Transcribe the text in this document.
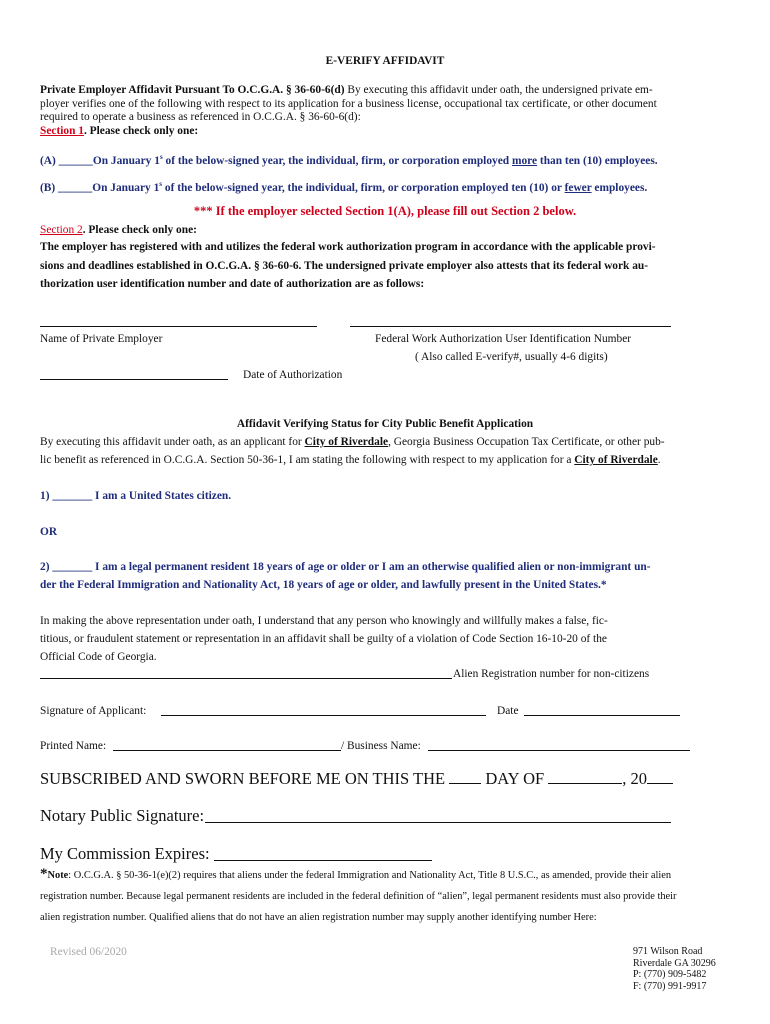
E-VERIFY AFFIDAVIT
Private Employer Affidavit Pursuant To O.C.G.A. § 36-60-6(d) By executing this affidavit under oath, the undersigned private em-
ployer verifies one of the following with respect to its application for a business license, occupational tax certificate, or other document
required to operate a business as referenced in O.C.G.A. § 36-60-6(d):
Section 1. Please check only one:
(A) ______On January 1$^s$ of the below-signed year, the individual, firm, or corporation employed more than ten (10) employees.
(B) ______On January 1$^s$ of the below-signed year, the individual, firm, or corporation employed ten (10) or fewer employees.
*** If the employer selected Section 1(A), please fill out Section 2 below.
Section 2. Please check only one:
The employer has registered with and utilizes the federal work authorization program in accordance with the applicable provi-
sions and deadlines established in O.C.G.A. § 36-60-6. The undersigned private employer also attests that its federal work au-
thorization user identification number and date of authorization are as follows:
Name of Private Employer	Federal Work Authorization User Identification Number
( Also called E-verify#, usually 4-6 digits)
Date of Authorization
Affidavit Verifying Status for City Public Benefit Application
By executing this affidavit under oath, as an applicant for City of Riverdale, Georgia Business Occupation Tax Certificate, or other pub-
lic benefit as referenced in O.C.G.A. Section 50-36-1, I am stating the following with respect to my application for a City of Riverdale.
1) _______ I am a United States citizen.
OR
2) _______ I am a legal permanent resident 18 years of age or older or I am an otherwise qualified alien or non-immigrant un-
der the Federal Immigration and Nationality Act, 18 years of age or older, and lawfully present in the United States.*
In making the above representation under oath, I understand that any person who knowingly and willfully makes a false, fic-
titious, or fraudulent statement or representation in an affidavit shall be guilty of a violation of Code Section 16-10-20 of the
Official Code of Georgia.
Alien Registration number for non-citizens
Signature of Applicant:	Date
Printed Name:	/ Business Name:
SUBSCRIBED AND SWORN BEFORE ME ON THIS THE  DAY OF	, 20
Notary Public Signature:
My Commission Expires:
*Note: O.C.G.A. § 50-36-1(e)(2) requires that aliens under the federal Immigration and Nationality Act, Title 8 U.S.C., as amended, provide their alien
registration number. Because legal permanent residents are included in the federal definition of “alien”, legal permanent residents must also provide their
alien registration number. Qualified aliens that do not have an alien registration number may supply another identifying number Here:
Revised 06/2020	971 Wilson Road
Riverdale GA 30296
P: (770) 909-5482
F: (770) 991-9917
